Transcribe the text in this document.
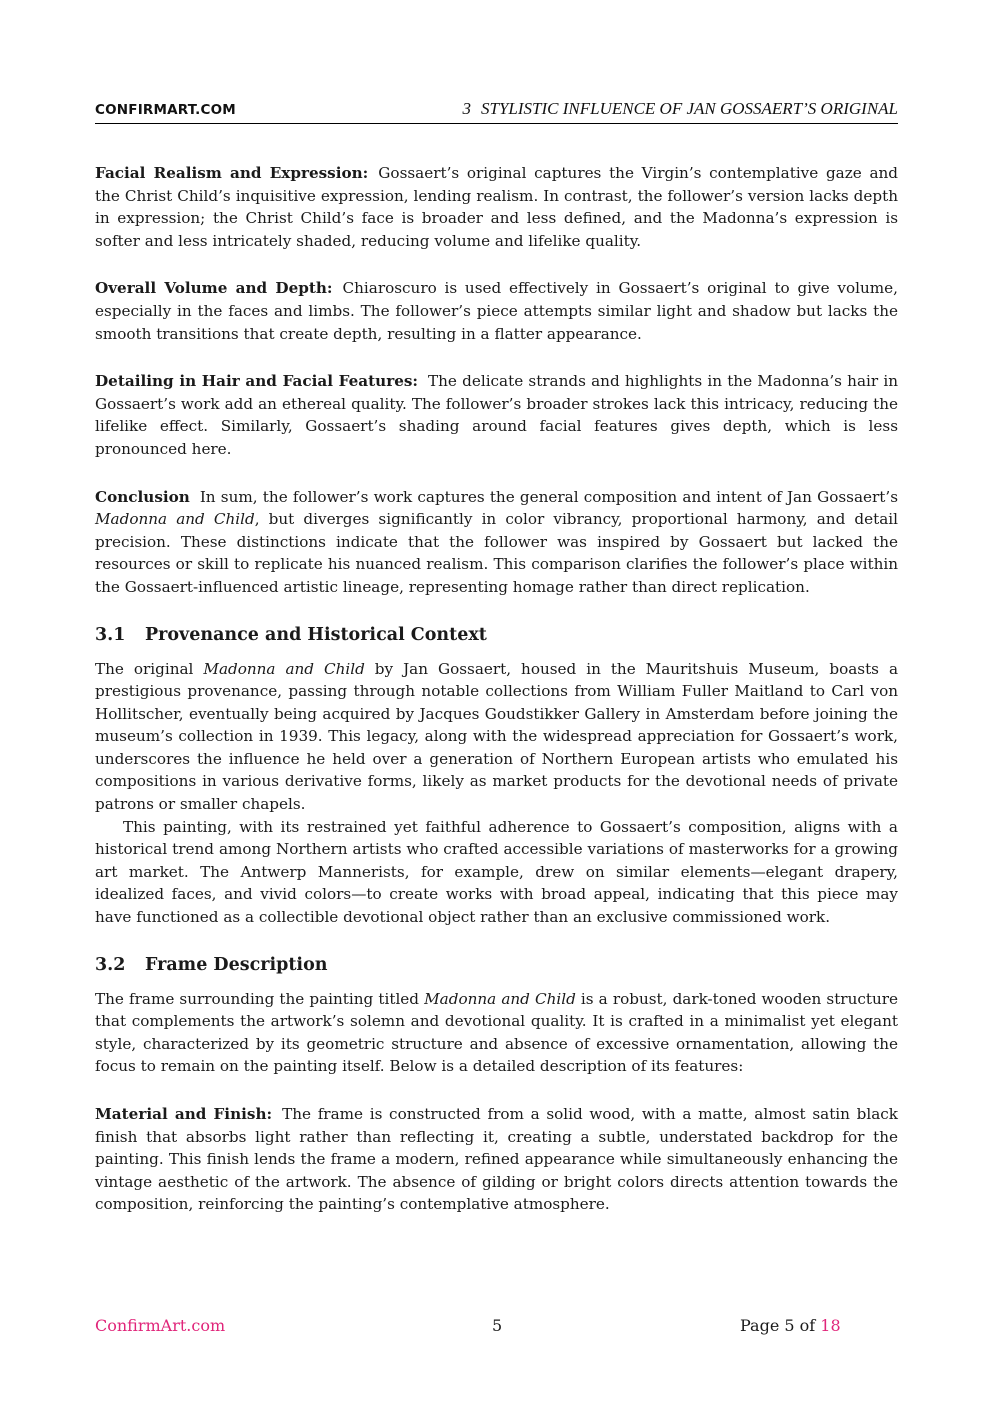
CONFIRMART.COM	3 STYLISTIC INFLUENCE OF JAN GOSSAERT’S ORIGINAL

Facial Realism and Expression: Gossaert’s original captures the Virgin’s contemplative gaze and the Christ Child’s inquisitive expression, lending realism. In contrast, the follower’s version lacks depth in expression; the Christ Child’s face is broader and less defined, and the Madonna’s expression is softer and less intricately shaded, reducing volume and lifelike quality.

Overall Volume and Depth: Chiaroscuro is used effectively in Gossaert’s original to give volume, especially in the faces and limbs. The follower’s piece attempts similar light and shadow but lacks the smooth transitions that create depth, resulting in a flatter appearance.

Detailing in Hair and Facial Features: The delicate strands and highlights in the Madonna’s hair in Gossaert’s work add an ethereal quality. The follower’s broader strokes lack this intricacy, reducing the lifelike effect. Similarly, Gossaert’s shading around facial features gives depth, which is less pronounced here.

Conclusion In sum, the follower’s work captures the general composition and intent of Jan Gossaert’s Madonna and Child, but diverges significantly in color vibrancy, proportional harmony, and detail precision. These distinctions indicate that the follower was inspired by Gossaert but lacked the resources or skill to replicate his nuanced realism. This comparison clarifies the follower’s place within the Gossaert-influenced artistic lineage, representing homage rather than direct replication.

3.1 Provenance and Historical Context

The original Madonna and Child by Jan Gossaert, housed in the Mauritshuis Museum, boasts a prestigious provenance, passing through notable collections from William Fuller Maitland to Carl von Hollitscher, eventually being acquired by Jacques Goudstikker Gallery in Amsterdam before joining the museum’s collection in 1939. This legacy, along with the widespread appreciation for Gossaert’s work, underscores the influence he held over a generation of Northern European artists who emulated his compositions in various derivative forms, likely as market products for the devotional needs of private patrons or smaller chapels.

This painting, with its restrained yet faithful adherence to Gossaert’s composition, aligns with a historical trend among Northern artists who crafted accessible variations of masterworks for a growing art market. The Antwerp Mannerists, for example, drew on similar elements—elegant drapery, idealized faces, and vivid colors—to create works with broad appeal, indicating that this piece may have functioned as a collectible devotional object rather than an exclusive commissioned work.

3.2 Frame Description

The frame surrounding the painting titled Madonna and Child is a robust, dark-toned wooden structure that complements the artwork’s solemn and devotional quality. It is crafted in a minimalist yet elegant style, characterized by its geometric structure and absence of excessive ornamentation, allowing the focus to remain on the painting itself. Below is a detailed description of its features:

Material and Finish: The frame is constructed from a solid wood, with a matte, almost satin black finish that absorbs light rather than reflecting it, creating a subtle, understated backdrop for the painting. This finish lends the frame a modern, refined appearance while simultaneously enhancing the vintage aesthetic of the artwork. The absence of gilding or bright colors directs attention towards the composition, reinforcing the painting’s contemplative atmosphere.

ConfirmArt.com	5	Page 5 of 18
